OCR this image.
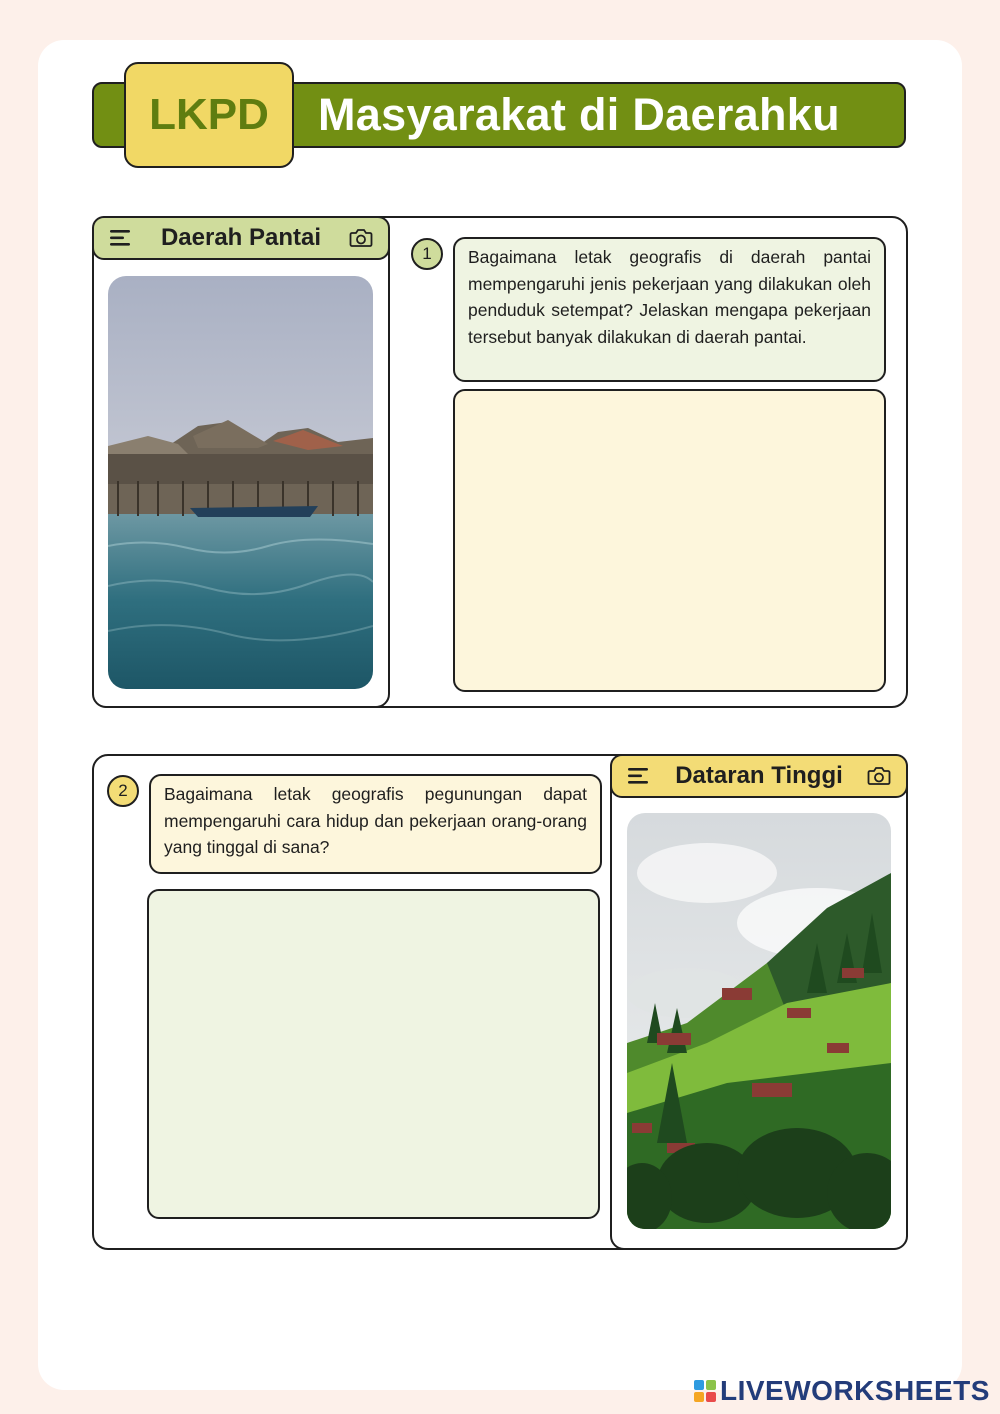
Masyarakat di Daerahku
LKPD
Daerah Pantai
1	Bagaimana letak geografis di daerah pantai mempengaruhi jenis pekerjaan yang dilakukan oleh penduduk setempat? Jelaskan mengapa pekerjaan tersebut banyak dilakukan di daerah pantai.
Dataran Tinggi
2	Bagaimana letak geografis pegunungan dapat mempengaruhi cara hidup dan pekerjaan orang-orang yang tinggal di sana?
LIVEWORKSHEETS
